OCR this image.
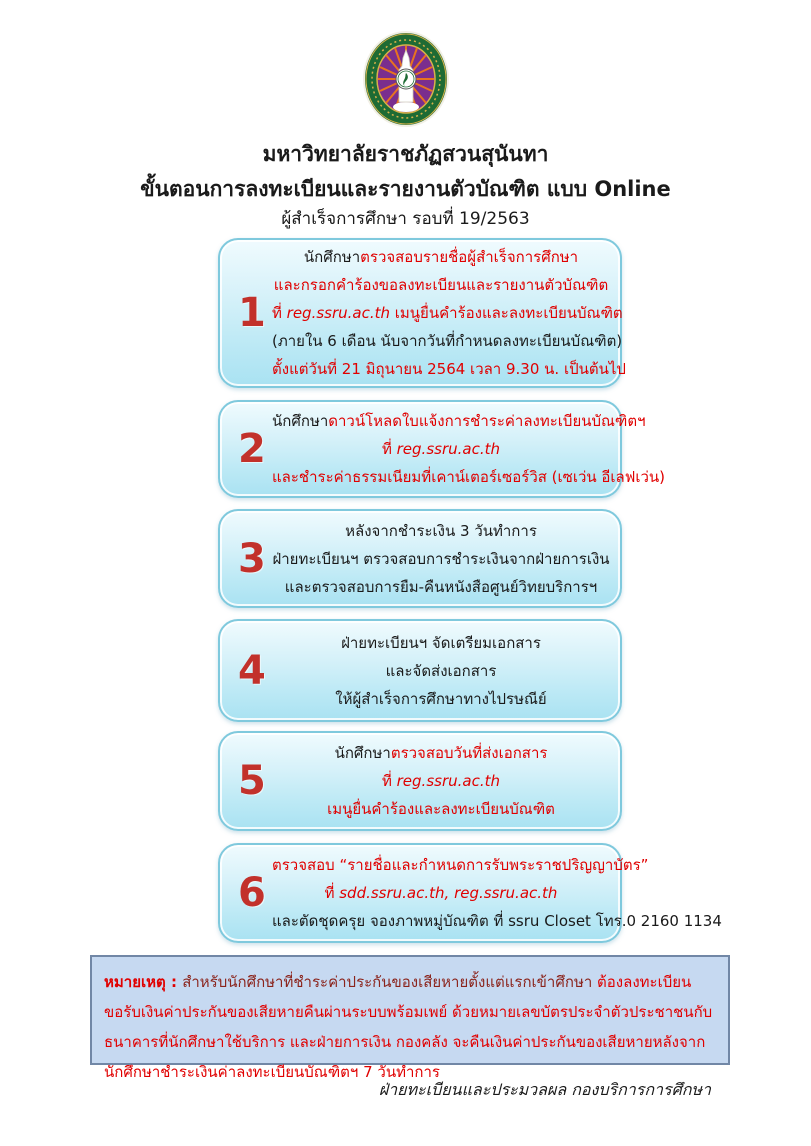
มหาวิทยาลัยราชภัฏสวนสุนันทา
ขั้นตอนการลงทะเบียนและรายงานตัวบัณฑิต แบบ Online
ผู้สำเร็จการศึกษา รอบที่ 19/2563
1
นักศึกษาตรวจสอบรายชื่อผู้สำเร็จการศึกษา
และกรอกคำร้องขอลงทะเบียนและรายงานตัวบัณฑิต
ที่ reg.ssru.ac.th เมนูยื่นคำร้องและลงทะเบียนบัณฑิต
(ภายใน 6 เดือน นับจากวันที่กำหนดลงทะเบียนบัณฑิต)
ตั้งแต่วันที่ 21 มิถุนายน 2564 เวลา 9.30 น. เป็นต้นไป
2
นักศึกษาดาวน์โหลดใบแจ้งการชำระค่าลงทะเบียนบัณฑิตฯ
ที่ reg.ssru.ac.th
และชำระค่าธรรมเนียมที่เคาน์เตอร์เซอร์วิส (เซเว่น อีเลฟเว่น)
3
หลังจากชำระเงิน 3 วันทำการ
ฝ่ายทะเบียนฯ ตรวจสอบการชำระเงินจากฝ่ายการเงิน
และตรวจสอบการยืม-คืนหนังสือศูนย์วิทยบริการฯ
4
ฝ่ายทะเบียนฯ จัดเตรียมเอกสาร
และจัดส่งเอกสาร
ให้ผู้สำเร็จการศึกษาทางไปรษณีย์
5
นักศึกษาตรวจสอบวันที่ส่งเอกสาร
ที่ reg.ssru.ac.th
เมนูยื่นคำร้องและลงทะเบียนบัณฑิต
6
ตรวจสอบ “รายชื่อและกำหนดการรับพระราชปริญญาบัตร”
ที่ sdd.ssru.ac.th, reg.ssru.ac.th
และตัดชุดครุย จองภาพหมู่บัณฑิต ที่ ssru Closet โทร.0 2160 1134
หมายเหตุ : สำหรับนักศึกษาที่ชำระค่าประกันของเสียหายตั้งแต่แรกเข้าศึกษา ต้องลงทะเบียนขอรับเงินค่าประกันของเสียหายคืนผ่านระบบพร้อมเพย์ ด้วยหมายเลขบัตรประจำตัวประชาชนกับธนาคารที่นักศึกษาใช้บริการ และฝ่ายการเงิน กองคลัง จะคืนเงินค่าประกันของเสียหายหลังจากนักศึกษาชำระเงินค่าลงทะเบียนบัณฑิตฯ 7 วันทำการ
ฝ่ายทะเบียนและประมวลผล กองบริการการศึกษา
